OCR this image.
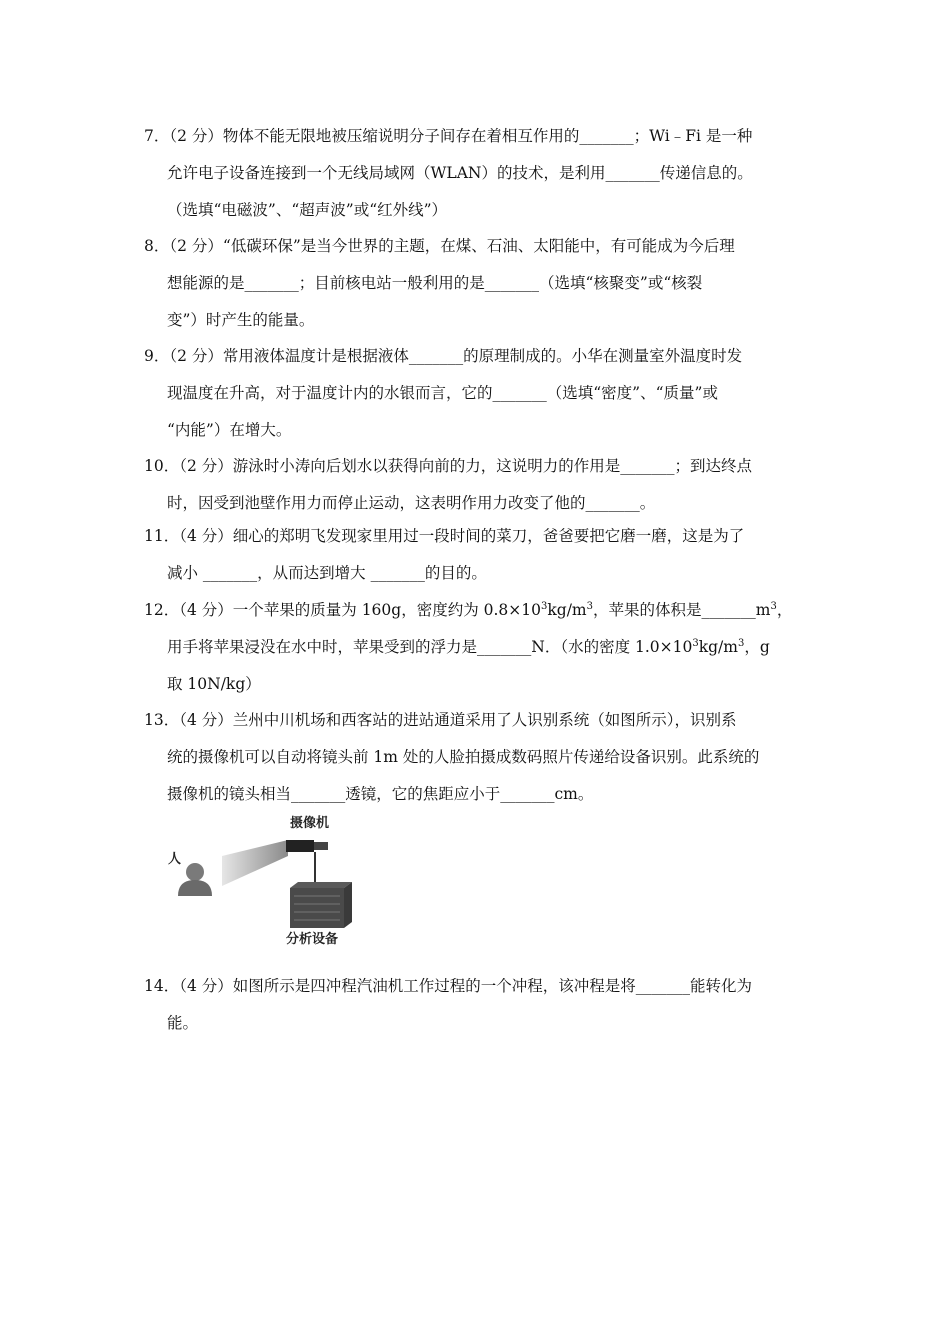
7．（2 分）物体不能无限地被压缩说明分子间存在着相互作用的_______；Wi﹣Fi 是一种
允许电子设备连接到一个无线局域网（WLAN）的技术，是利用_______传递信息的。
（选填“电磁波”、“超声波”或“红外线”）
8．（2 分）“低碳环保”是当今世界的主题，在煤、石油、太阳能中，有可能成为今后理
想能源的是_______；目前核电站一般利用的是_______（选填“核聚变”或“核裂
变”）时产生的能量。
9．（2 分）常用液体温度计是根据液体_______的原理制成的。小华在测量室外温度时发
现温度在升高，对于温度计内的水银而言，它的_______（选填“密度”、“质量”或
“内能”）在增大。
10．（2 分）游泳时小涛向后划水以获得向前的力，这说明力的作用是_______；到达终点
时，因受到池壁作用力而停止运动，这表明作用力改变了他的_______。
11．（4 分）细心的郑明飞发现家里用过一段时间的菜刀，爸爸要把它磨一磨，这是为了
减小 _______，从而达到增大 _______的目的。
12．（4 分）一个苹果的质量为 160g，密度约为 $0.8\times 10^3kg/m^3$，苹果的体积是$\_\_\_\_\_\_\_m^3$，
用手将苹果浸没在水中时，苹果受到的浮力是_______N．（水的密度 $1.0\times 10^3kg/m^3$，g
取 10N/kg）
13．（4 分）兰州中川机场和西客站的进站通道采用了人识别系统（如图所示），识别系
统的摄像机可以自动将镜头前 1m 处的人脸拍摄成数码照片传递给设备识别。此系统的
摄像机的镜头相当_______透镜，它的焦距应小于_______cm。
摄像机
人
分析设备
14．（4 分）如图所示是四冲程汽油机工作过程的一个冲程，该冲程是将_______能转化为
能。
